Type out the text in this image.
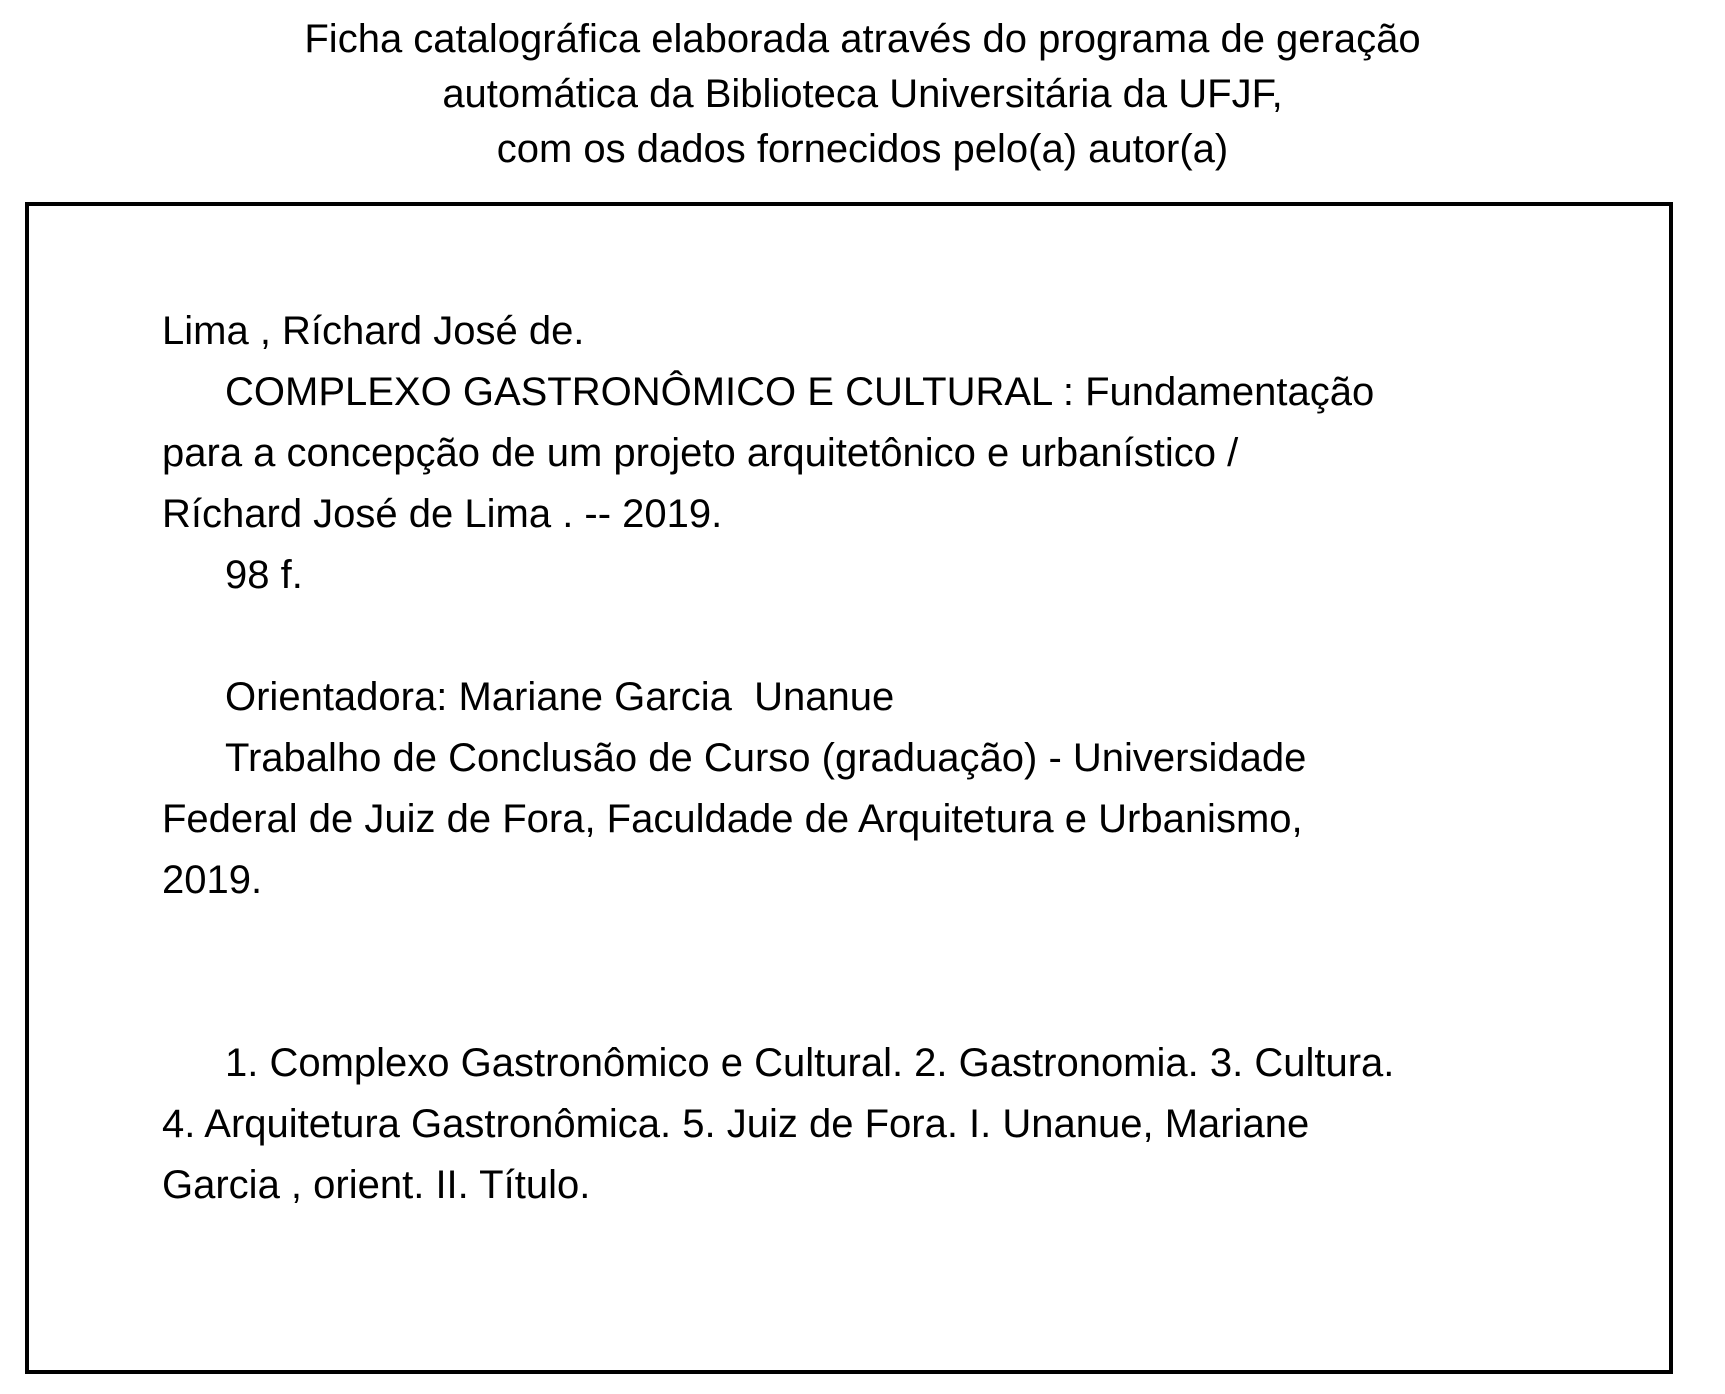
Ficha catalográfica elaborada através do programa de geração
automática da Biblioteca Universitária da UFJF,
com os dados fornecidos pelo(a) autor(a)
Lima , Ríchard José de.
COMPLEXO GASTRONÔMICO E CULTURAL : Fundamentação
para a concepção de um projeto arquitetônico e urbanístico /
Ríchard José de Lima . -- 2019.
98 f.
Orientadora: Mariane Garcia  Unanue
Trabalho de Conclusão de Curso (graduação) - Universidade
Federal de Juiz de Fora, Faculdade de Arquitetura e Urbanismo,
2019.
1. Complexo Gastronômico e Cultural. 2. Gastronomia. 3. Cultura.
4. Arquitetura Gastronômica. 5. Juiz de Fora. I. Unanue, Mariane
Garcia , orient. II. Título.
